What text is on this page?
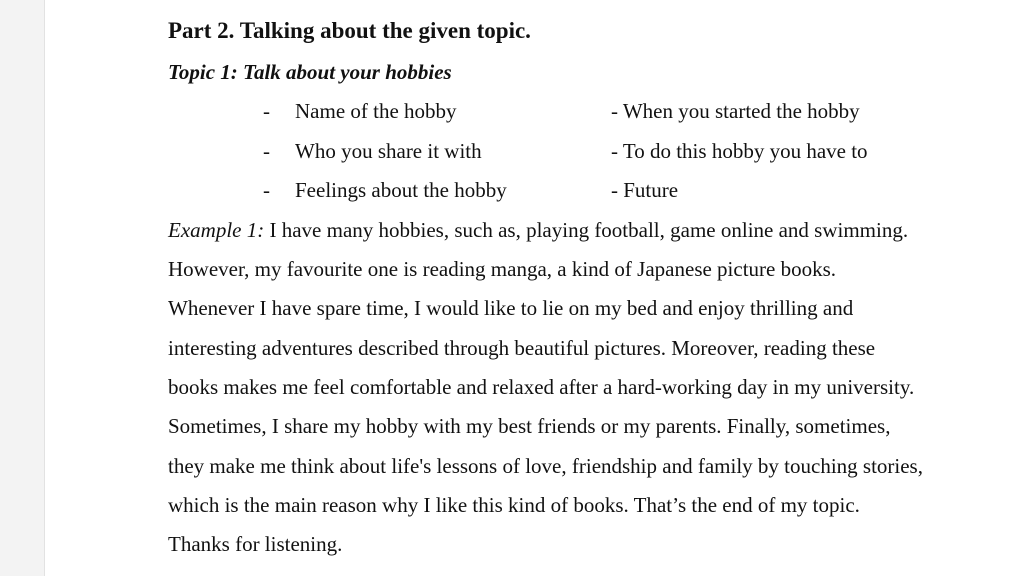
Part 2. Talking about the given topic.
Topic 1: Talk about your hobbies
- Name of the hobby	- When you started the hobby
- Who you share it with	- To do this hobby you have to
- Feelings about the hobby	- Future
Example 1: I have many hobbies, such as, playing football, game online and swimming.
However, my favourite one is reading manga, a kind of Japanese picture books.
Whenever I have spare time, I would like to lie on my bed and enjoy thrilling and
interesting adventures described through beautiful pictures. Moreover, reading these
books makes me feel comfortable and relaxed after a hard-working day in my university.
Sometimes, I share my hobby with my best friends or my parents. Finally, sometimes,
they make me think about life's lessons of love, friendship and family by touching stories,
which is the main reason why I like this kind of books. That’s the end of my topic.
Thanks for listening.
